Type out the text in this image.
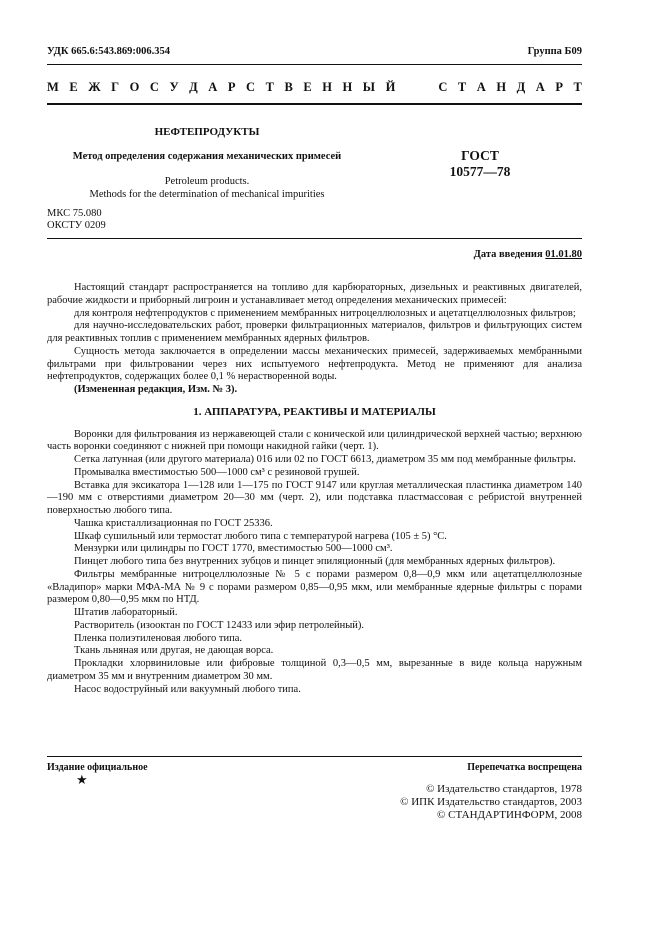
УДК 665.6:543.869:006.354	Группа Б09
М Е Ж Г О С У Д А Р С Т В Е Н Н Ы Й	С Т А Н Д А Р Т
НЕФТЕПРОДУКТЫ
Метод определения содержания механических примесей
Petroleum products.
Methods for the determination of mechanical impurities
ГОСТ
10577—78
МКС 75.080
ОКСТУ 0209
Дата введения 01.01.80

Настоящий стандарт распространяется на топливо для карбюраторных, дизельных и реактивных двигателей, рабочие жидкости и приборный лигроин и устанавливает метод определения механических примесей:

для контроля нефтепродуктов с применением мембранных нитроцеллюлозных и ацетатцеллюлозных фильтров;

для научно-исследовательских работ, проверки фильтрационных материалов, фильтров и фильтрующих систем для реактивных топлив с применением мембранных ядерных фильтров.

Сущность метода заключается в определении массы механических примесей, задерживаемых мембранными фильтрами при фильтровании через них испытуемого нефтепродукта. Метод не применяют для анализа нефтепродуктов, содержащих более 0,1 % нерастворенной воды.

(Измененная редакция, Изм. № 3).

1. АППАРАТУРА, РЕАКТИВЫ И МАТЕРИАЛЫ

Воронки для фильтрования из нержавеющей стали с конической или цилиндрической верхней частью; верхнюю часть воронки соединяют с нижней при помощи накидной гайки (черт. 1).

Сетка латунная (или другого материала) 016 или 02 по ГОСТ 6613, диаметром 35 мм под мембранные фильтры.

Промывалка вместимостью 500—1000 см³ с резиновой грушей.

Вставка для эксикатора 1—128 или 1—175 по ГОСТ 9147 или круглая металлическая пластинка диаметром 140—190 мм с отверстиями диаметром 20—30 мм (черт. 2), или подставка пластмассовая с ребристой внутренней поверхностью любого типа.

Чашка кристаллизационная по ГОСТ 25336.

Шкаф сушильный или термостат любого типа с температурой нагрева (105 ± 5) °С.

Мензурки или цилиндры по ГОСТ 1770, вместимостью 500—1000 см³.

Пинцет любого типа без внутренних зубцов и пинцет эпиляционный (для мембранных ядерных фильтров).

Фильтры мембранные нитроцеллюлозные № 5 с порами размером 0,8—0,9 мкм или ацетатцеллюлозные «Владипор» марки МФА-МА № 9 с порами размером 0,85—0,95 мкм, или мембранные ядерные фильтры с порами размером 0,80—0,95 мкм по НТД.

Штатив лабораторный.

Растворитель (изооктан по ГОСТ 12433 или эфир петролейный).

Пленка полиэтиленовая любого типа.

Ткань льняная или другая, не дающая ворса.

Прокладки хлорвиниловые или фибровые толщиной 0,3—0,5 мм, вырезанные в виде кольца наружным диаметром 35 мм и внутренним диаметром 30 мм.

Насос водоструйный или вакуумный любого типа.

Издание официальное	Перепечатка воспрещена
★
© Издательство стандартов, 1978
© ИПК Издательство стандартов, 2003
© СТАНДАРТИНФОРМ, 2008
